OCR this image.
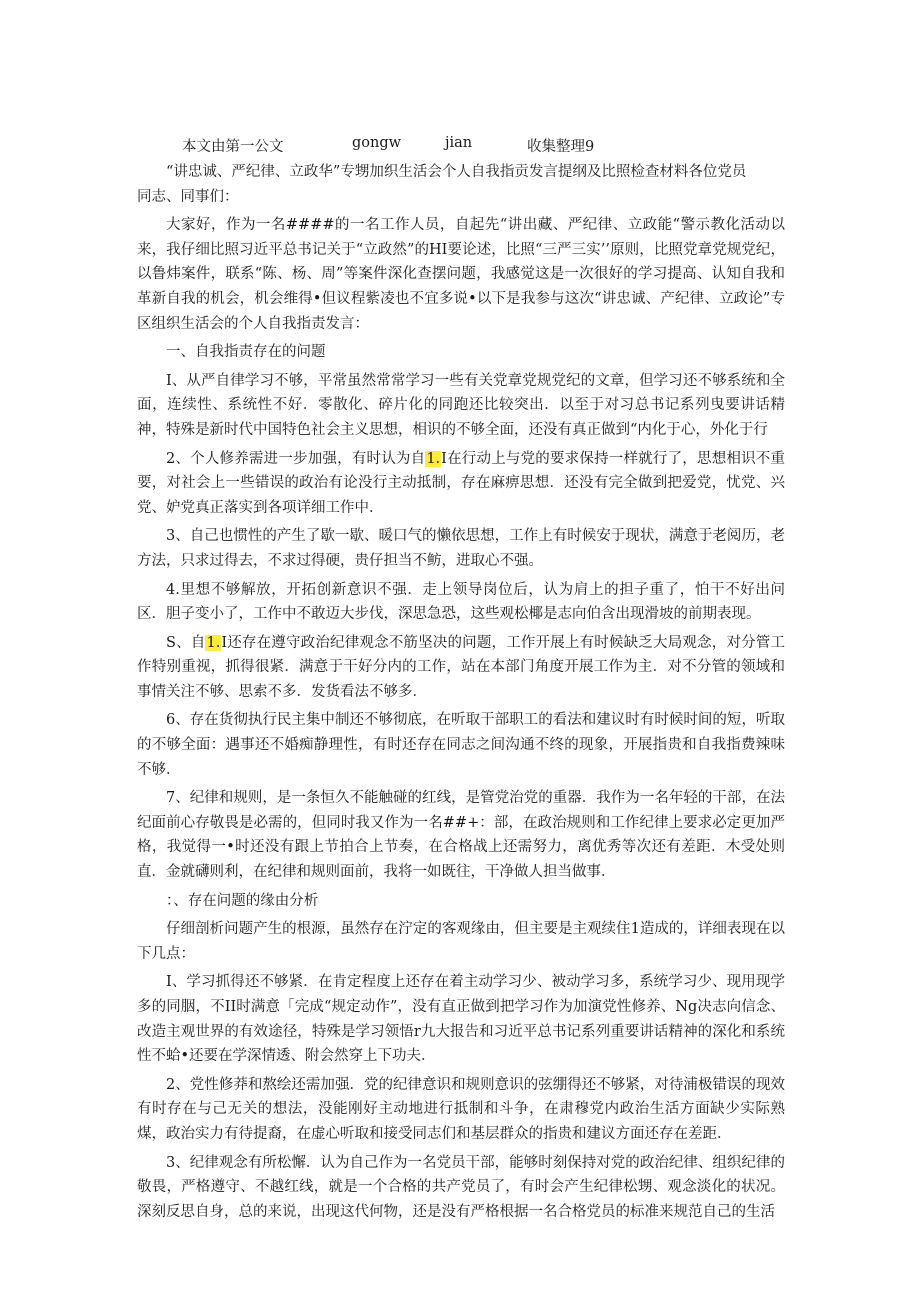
本文由第一公文	gongw	jian	收集整理9

“讲忠诚、严纪律、立政华”专甥加织生活会个人自我指贡发言提纲及比照检查材料各位党员

同志、同事们：

大家好，作为一名####的一名工作人员，自起先“讲出藏、严纪律、立政能“警示教化活动以来，我仔细比照习近平总书记关于“立政然”的HI要论述，比照“三严三实’’原则，比照党章党规党纪，以鲁炜案件，联系“陈、杨、周”等案件深化查摆问题，我感觉这是一次很好的学习提高、认知自我和革新自我的机会，机会维得•但议程紫凌也不宜多说•以下是我参与这次“讲忠诚、产纪律、立政论”专区组织生活会的个人自我指责发言：

一、自我指责存在的问题

I、从严自律学习不够，平常虽然常常学习一些有关党章党规党纪的文章，但学习还不够系统和全面，连续性、系统性不好．零散化、碎片化的同跑还比较突出．以至于对习总书记系列曳要讲话精神，特殊是新时代中国特色社会主义思想，相识的不够全面，还没有真正做到“内化于心，外化于行

2、个人修养需进一步加强，有时认为自1.I在行动上与党的要求保持一样就行了，思想相识不重要，对社会上一些错误的政治有论没行主动抵制，存在麻痹思想．还没有完全做到把爱党，忧党、兴党、妒党真正落实到各项详细工作中．

3、自己也惯性的产生了歇一歇、暖口气的懒依思想，工作上有时候安于现状，满意于老阅历，老方法，只求过得去，不求过得硬，贵仔担当不鲂，进取心不强。

4.里想不够解放，开拓创新意识不强．走上领导岗位后，认为肩上的担子重了，怕干不好出问区．胆子变小了，工作中不敢迈大步伐，深思急恐，这些观松椰是志向伯含出现滑坡的前期表现。

S、自1.I还存在遵守政治纪律观念不筋坚决的问题，工作开展上有时候缺乏大局观念，对分管工作特别重视，抓得很紧．满意于干好分内的工作，站在本部门角度开展工作为主．对不分管的领域和事情关注不够、思索不多．发货看法不够多．

6、存在货彻执行民主集中制还不够彻底，在听取干部职工的看法和建议时有时候时间的短，听取的不够全面：遇事还不婚痴静理性，有时还存在同志之间沟通不终的现象，开展指贵和自我指费辣味不够．

7、纪律和规则，是一条恒久不能触碰的红线，是管党治党的重器．我作为一名年轻的干部，在法纪面前心存敬畏是必需的，但同时我又作为一名##+：部，在政治规则和工作纪律上要求必定更加严格，我觉得一•时还没有跟上节拍合上节奏，在合格战上还需努力，离优秀等次还有差距．木受处则直．金就礴则利，在纪律和规则面前，我将一如既往，干净做人担当做事．

：、存在问题的缘由分析

仔细剖析问题产生的根源，虽然存在泞定的客观缘由，但主要是主观续住1造成的，详细表现在以下几点：

I、学习抓得还不够紧．在肯定程度上还存在着主动学习少、被动学习多，系统学习少、现用现学多的同胭，不II时满意「完成“规定动作”，没有直正做到把学习作为加演党性修养、Ng决志向信念、改造主观世界的有效途径，特殊是学习领悟r九大报告和习近平总书记系列重要讲话精神的深化和系统性不蛤•还要在学深情透、附会然穿上下功夫．

2、党性修莽和熬绘还需加强．党的纪律意识和规则意识的弦绷得还不够紧，对待浦极错误的现效有时存在与己无关的想法，没能刚好主动地进行抵制和斗争，在肃穆党内政治生活方面缺少实际熟煤，政治实力有待提裔，在虚心听取和接受同志们和基层群众的指贵和建议方面还存在差距．

3、纪律观念有所松懈．认为自己作为一名党员干部，能够时刻保持对党的政治纪律、组织纪律的敬畏，严格遵守、不越红线，就是一个合格的共产党员了，有时会产生纪律松甥、观念淡化的状况。深刻反思自身，总的来说，出现这代何物，还是没有严格根据一名合格党员的标准来规范自己的生活
